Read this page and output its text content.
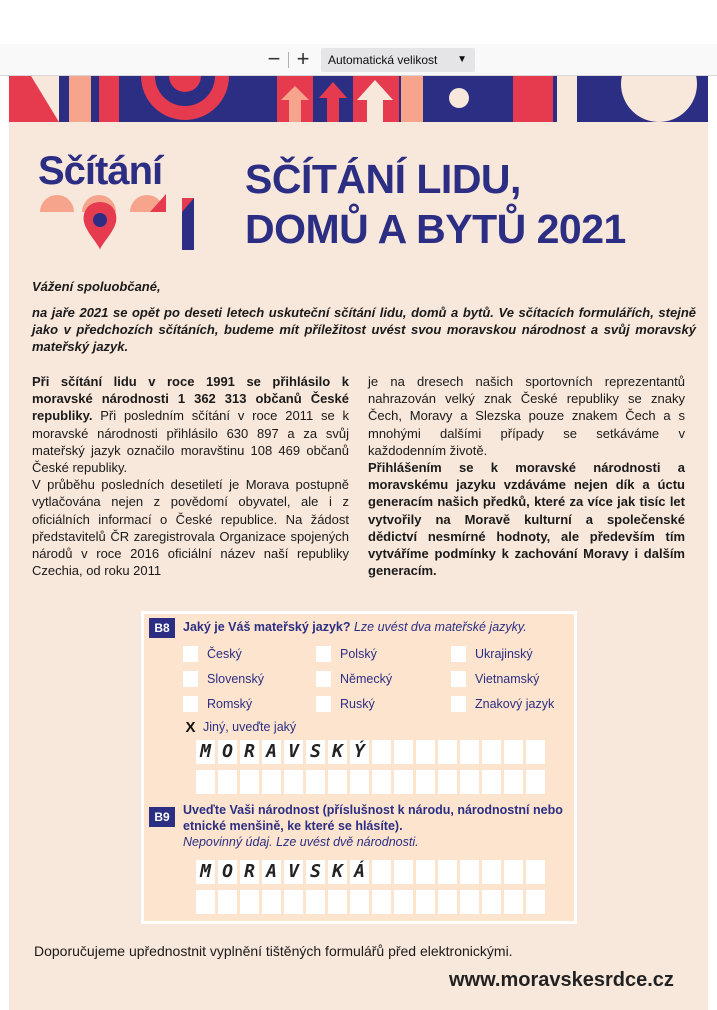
− +	Automatická velikost ▼
Sčítání SČÍTÁNÍ LIDU,
DOMŮ A BYTŮ 2021
Vážení spoluobčané,
na jaře 2021 se opět po deseti letech uskuteční sčítání lidu, domů a bytů. Ve sčítacích formulářích, stejně jako v předchozích sčítáních, budeme mít příležitost uvést svou moravskou národnost a svůj moravský mateřský jazyk.

Při sčítání lidu v roce 1991 se přihlásilo k moravské národnosti 1 362 313 občanů České republiky. Při posledním sčítání v roce 2011 se k moravské národnosti přihlásilo 630 897 a za svůj mateřský jazyk označilo moravštinu 108 469 občanů České republiky.

V průběhu posledních desetiletí je Morava postupně vytlačována nejen z povědomí obyvatel, ale i z oficiálních informací o České republice. Na žádost představitelů ČR zaregistrovala Organizace spojených národů v roce 2016 oficiální název naší republiky Czechia, od roku 2011

je na dresech našich sportovních reprezentantů nahrazován velký znak České republiky se znaky Čech, Moravy a Slezska pouze znakem Čech a s mnohými dalšími případy se setkáváme v každodenním životě.

Přihlášením se k moravské národnosti a moravskému jazyku vzdáváme nejen dík a úctu generacím našich předků, které za více jak tisíc let vytvořily na Moravě kulturní a společenské dědictví nesmírné hodnoty, ale především tím vytváříme podmínky k zachování Moravy i dalším generacím.

B8	Jaký je Váš mateřský jazyk? Lze uvést dva mateřské jazyky.
Český	Polský	Ukrajinský
Slovenský	Německý	Vietnamský
Romský	Ruský	Znakový jazyk
X Jiný, uveďte jaký
M O R A V S K Ý
B9	Uveďte Vaši národnost (příslušnost k národu, národnostní nebo etnické menšině, ke které se hlásíte).
Nepovinný údaj. Lze uvést dvě národnosti.
M O R A V S K Á
Doporučujeme upřednostnit vyplnění tištěných formulářů před elektronickými.
www.moravskesrdce.cz
